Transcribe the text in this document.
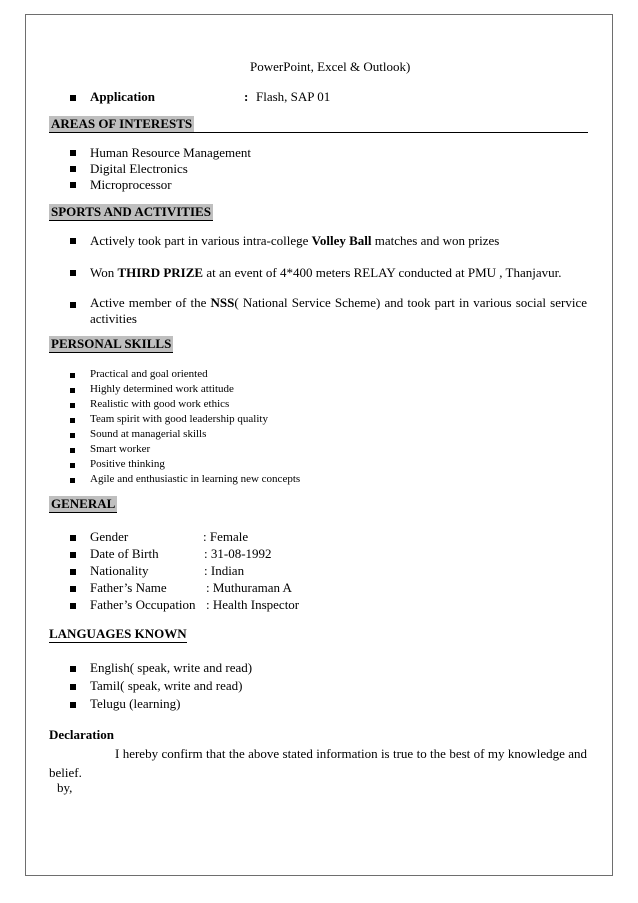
PowerPoint, Excel & Outlook)
Application	: Flash, SAP 01
AREAS OF INTERESTS
Human Resource Management
Digital Electronics
Microprocessor
SPORTS AND ACTIVITIES
Actively took part in various intra-college Volley Ball matches and won prizes
Won THIRD PRIZE at an event of 4*400 meters RELAY conducted at PMU , Thanjavur.
Active member of the NSS( National Service Scheme) and took part in various social service activities
PERSONAL SKILLS
Practical and goal oriented
Highly determined work attitude
Realistic with good work ethics
Team spirit with good leadership quality
Sound at managerial skills
Smart worker
Positive thinking
Agile and enthusiastic in learning new concepts
GENERAL
Gender	: Female
Date of Birth	: 31-08-1992
Nationality	: Indian
Father’s Name	: Muthuraman A
Father’s Occupation : Health Inspector
LANGUAGES KNOWN
English( speak, write and read)
Tamil( speak, write and read)
Telugu (learning)
Declaration
I hereby confirm that the above stated information is true to the best of my knowledge and
belief.
by,
